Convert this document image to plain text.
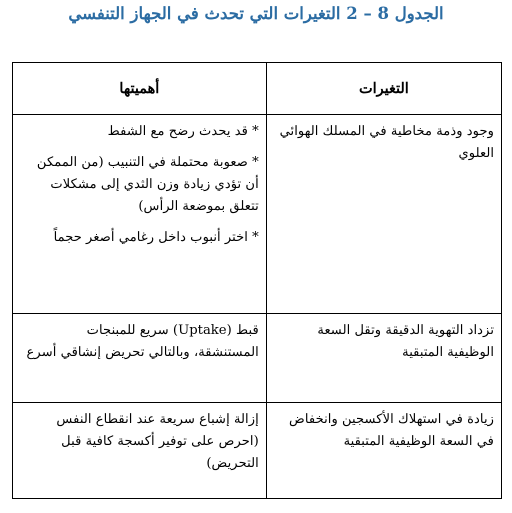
الجدول 8 – 2 التغيرات التي تحدث في الجهاز التنفسي
التغيرات	أهميتها

وجود وذمة مخاطية في المسلك الهوائي العلوي	* قد يحدث رضح مع الشفط
* صعوبة محتملة في التنبيب (من الممكن أن تؤدي زيادة وزن الثدي إلى مشكلات تتعلق بموضعة الرأس)
* اختر أنبوب داخل رغامي أصغر حجماً

تزداد التهوية الدقيقة وتقل السعة الوظيفية المتبقية	قبط (Uptake) سريع للمبنجات المستنشقة، وبالتالي تحريض إنشاقي أسرع

زيادة في استهلاك الأكسجين وانخفاض في السعة الوظيفية المتبقية	إزالة إشباع سريعة عند انقطاع النفس (احرص على توفير أكسجة كافية قبل التحريض)
